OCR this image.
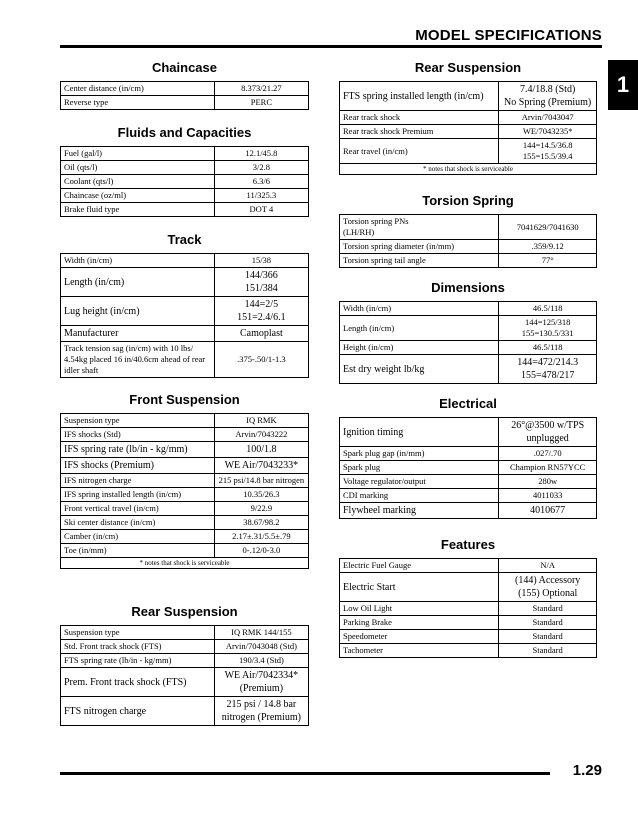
MODEL SPECIFICATIONS
1
Chaincase
Center distance (in/cm)	8.373/21.27
Reverse type	PERC
Fluids and Capacities
Fuel (gal/l)	12.1/45.8
Oil (qts/l)	3/2.8
Coolant (qts/l)	6.3/6
Chaincase (oz/ml)	11/325.3
Brake fluid type	DOT 4
Track
Width (in/cm)	15/38
Length (in/cm)	144/366
151/384
Lug height (in/cm)	144=2/5
151=2.4/6.1
Manufacturer	Camoplast
Track tension sag (in/cm) with 10 lbs/ 4.54kg placed 16 in/40.6cm ahead of rear idler shaft	.375-.50/1-1.3
Front Suspension
Suspension type	IQ RMK
IFS shocks (Std)	Arvin/7043222
IFS spring rate (lb/in - kg/mm)	100/1.8
IFS shocks (Premium)	WE Air/7043233*
IFS nitrogen charge	215 psi/14.8 bar nitrogen
IFS spring installed length (in/cm)	10.35/26.3
Front vertical travel (in/cm)	9/22.9
Ski center distance (in/cm)	38.67/98.2
Camber (in/cm)	2.17±.31/5.5±.79
Toe (in/mm)	0-.12/0-3.0
* notes that shock is serviceable
Rear Suspension
Suspension type	IQ RMK 144/155
Std. Front track shock (FTS)	Arvin/7043048 (Std)
FTS spring rate (lb/in - kg/mm)	190/3.4 (Std)
Prem. Front track shock (FTS)	WE Air/7042334*
(Premium)
FTS nitrogen charge	215 psi / 14.8 bar
nitrogen (Premium)
Rear Suspension
FTS spring installed length (in/cm)	7.4/18.8 (Std)
No Spring (Premium)
Rear track shock	Arvin/7043047
Rear track shock Premium	WE/7043235*
Rear travel (in/cm)	144=14.5/36.8
155=15.5/39.4
* notes that shock is serviceable
Torsion Spring
Torsion spring PNs
(LH/RH)	7041629/7041630
Torsion spring diameter (in/mm)	.359/9.12
Torsion spring tail angle	77°
Dimensions
Width (in/cm)	46.5/118
Length (in/cm)	144=125/318
155=130.5/331
Height (in/cm)	46.5/118
Est dry weight lb/kg	144=472/214.3
155=478/217
Electrical
Ignition timing	26°@3500 w/TPS
unplugged
Spark plug gap (in/mm)	.027/.70
Spark plug	Champion RN57YCC
Voltage regulator/output	280w
CDI marking	4011033
Flywheel marking	4010677
Features
Electric Fuel Gauge	N/A
Electric Start	(144) Accessory
(155) Optional
Low Oil Light	Standard
Parking Brake	Standard
Speedometer	Standard
Tachometer	Standard
1.29
